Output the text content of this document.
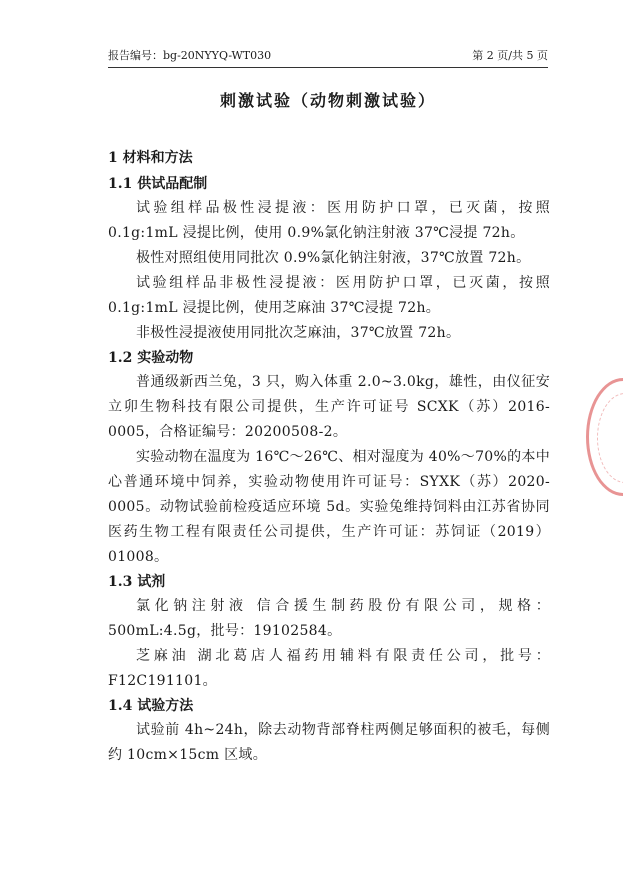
报告编号：bg-20NYYQ-WT030	第 2 页/共 5 页
刺激试验（动物刺激试验）
1 材料和方法
1.1 供试品配制

试验组样品极性浸提液：医用防护口罩，已灭菌，按照 0.1g:1mL 浸提比例，使用 0.9%氯化钠注射液 37℃浸提 72h。

极性对照组使用同批次 0.9%氯化钠注射液，37℃放置 72h。

试验组样品非极性浸提液：医用防护口罩，已灭菌，按照 0.1g:1mL 浸提比例，使用芝麻油 37℃浸提 72h。

非极性浸提液使用同批次芝麻油，37℃放置 72h。

1.2 实验动物

普通级新西兰兔，3 只，购入体重 2.0~3.0kg，雄性，由仪征安立卯生物科技有限公司提供，生产许可证号 SCXK（苏）2016-0005，合格证编号：20200508-2。

实验动物在温度为 16℃～26℃、相对湿度为 40%～70%的本中心普通环境中饲养，实验动物使用许可证号：SYXK（苏）2020-0005。动物试验前检疫适应环境 5d。实验兔维持饲料由江苏省协同医药生物工程有限责任公司提供，生产许可证：苏饲证（2019）01008。

1.3 试剂

氯化钠注射液 信合援生制药股份有限公司，规格：500mL:4.5g，批号：19102584。

芝麻油 湖北葛店人福药用辅料有限责任公司，批号：F12C191101。

1.4 试验方法

试验前 4h~24h，除去动物背部脊柱两侧足够面积的被毛，每侧约 10cm×15cm 区域。
